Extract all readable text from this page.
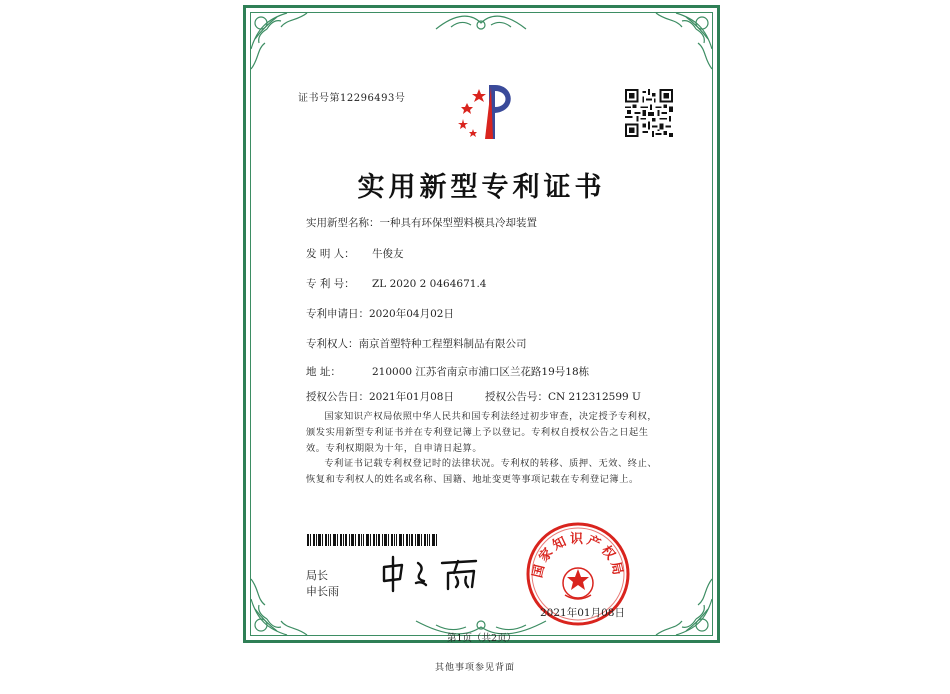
证书号第12296493号
实用新型专利证书
实用新型名称：一种具有环保型塑料模具冷却装置
发 明 人： 牛俊友
专 利 号： ZL 2020 2 0464671.4
专利申请日：2020年04月02日
专利权人：南京首塑特种工程塑料制品有限公司
地 址：	210000 江苏省南京市浦口区兰花路19号18栋
授权公告日：2021年01月08日	授权公告号：CN 212312599 U
国家知识产权局依照中华人民共和国专利法经过初步审查，决定授予专利权，颁发实用新型专利证书并在专利登记簿上予以登记。专利权自授权公告之日起生效。专利权期限为十年，自申请日起算。
专利证书记载专利权登记时的法律状况。专利权的转移、质押、无效、终止、恢复和专利权人的姓名或名称、国籍、地址变更等事项记载在专利登记簿上。
局长
申长雨
国家知识产权局
2021年01月08日
第1页（共2页）
其他事项参见背面
